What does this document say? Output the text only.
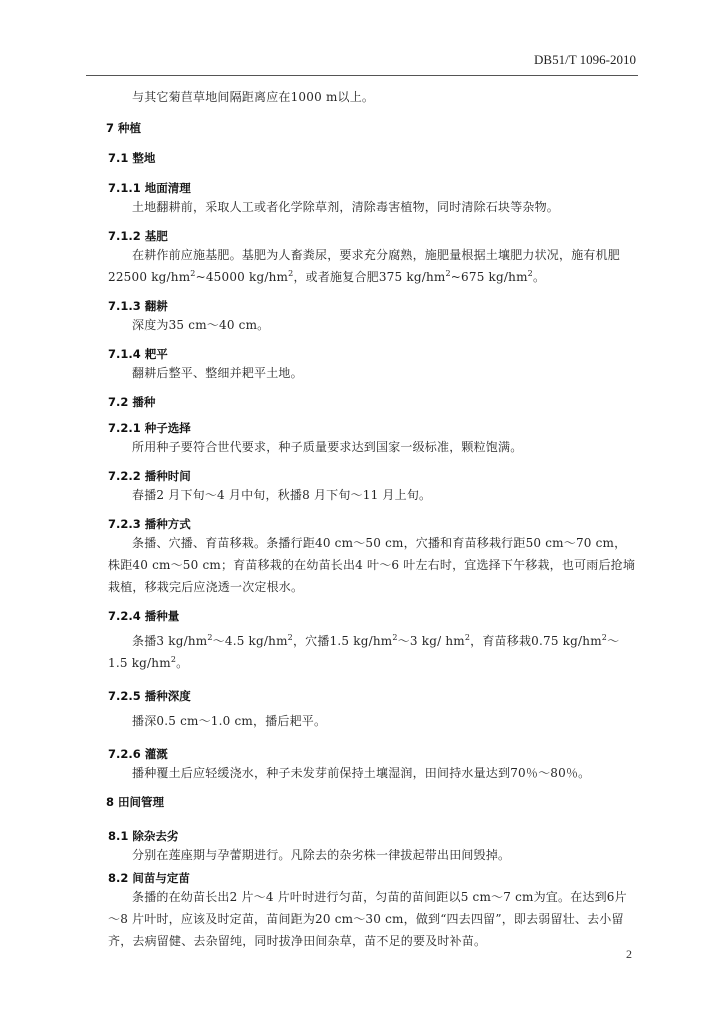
DB51/T 1096-2010

与其它菊苣草地间隔距离应在1000 m以上。

7 种植

7.1 整地

7.1.1 地面清理

土地翻耕前，采取人工或者化学除草剂，清除毒害植物，同时清除石块等杂物。

7.1.2 基肥

在耕作前应施基肥。基肥为人畜粪尿，要求充分腐熟，施肥量根据土壤肥力状况，施有机肥22500 $kg/hm^2\sim 45000$ $kg/hm^2$，或者施复合肥375 $kg/hm^2\sim 675$ $kg/hm^2$。

7.1.3 翻耕

深度为35 cm～40 cm。

7.1.4 耙平

翻耕后整平、整细并耙平土地。

7.2 播种

7.2.1 种子选择

所用种子要符合世代要求，种子质量要求达到国家一级标准，颗粒饱满。

7.2.2 播种时间

春播2 月下旬～4 月中旬，秋播8 月下旬～11 月上旬。

7.2.3 播种方式

条播、穴播、育苗移栽。条播行距40 cm～50 cm，穴播和育苗移栽行距50 cm～70 cm，株距40 cm～50 cm；育苗移栽的在幼苗长出4 叶～6 叶左右时，宜选择下午移栽，也可雨后抢墒栽植，移栽完后应浇透一次定根水。

7.2.4 播种量

条播3 $kg/hm^2\sim 4.5$ $kg/hm^2$，穴播1.5 $kg/hm^2\sim 3$ kg/ $hm^2$，育苗移栽0.75 $kg/hm^2\sim 1.5$ $kg/hm^2$。

7.2.5 播种深度

播深0.5 cm～1.0 cm，播后耙平。

7.2.6 灌溉

播种覆土后应轻缓浇水，种子未发芽前保持土壤湿润，田间持水量达到70％～80％。

8 田间管理

8.1 除杂去劣

分别在莲座期与孕蕾期进行。凡除去的杂劣株一律拔起带出田间毁掉。

8.2 间苗与定苗

条播的在幼苗长出2 片～4 片叶时进行匀苗，匀苗的苗间距以5 cm～7 cm为宜。在达到6片～8 片叶时，应该及时定苗，苗间距为20 cm～30 cm，做到“四去四留”，即去弱留壮、去小留齐，去病留健、去杂留纯，同时拔净田间杂草，苗不足的要及时补苗。

2
